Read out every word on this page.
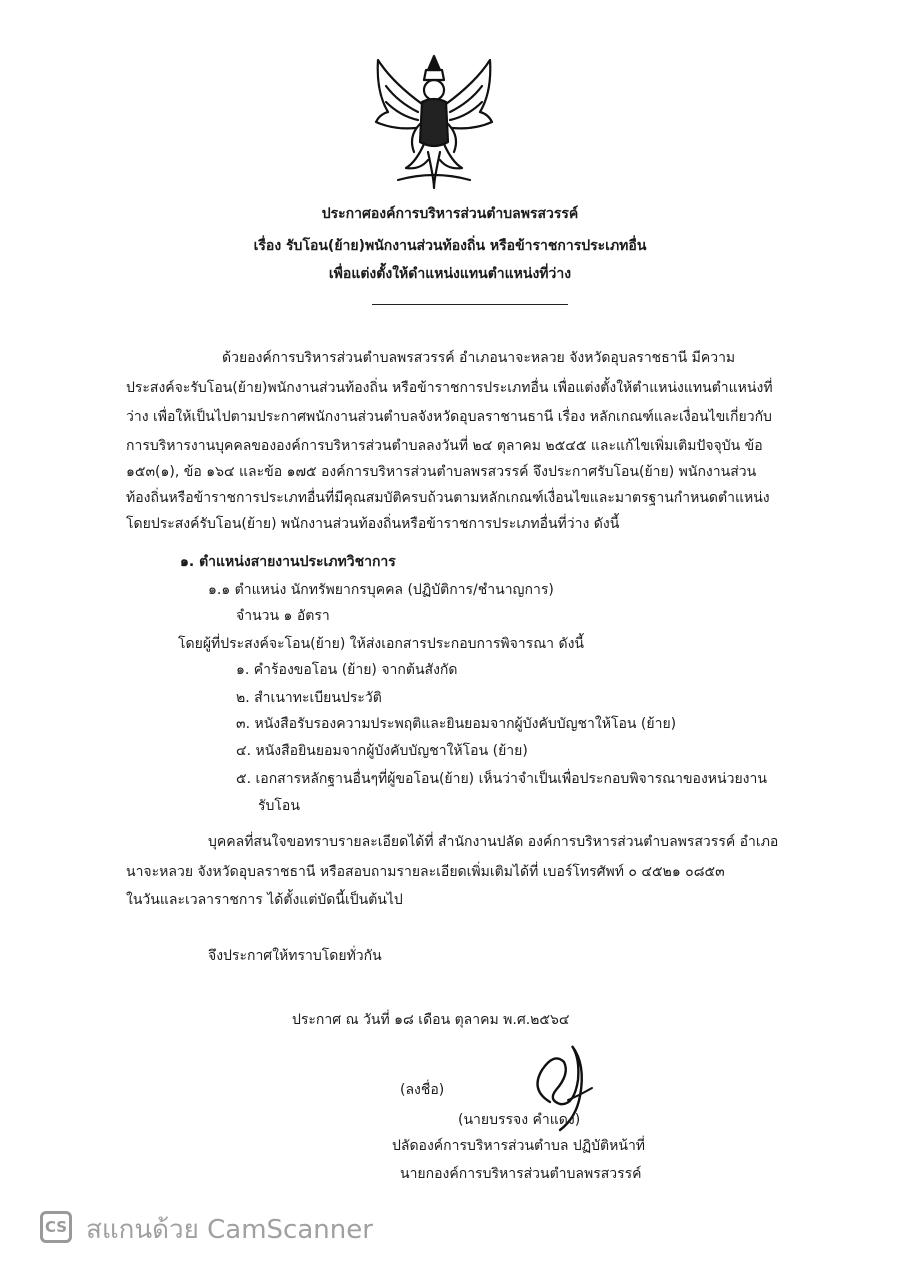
ประกาศองค์การบริหารส่วนตำบลพรสวรรค์
เรื่อง รับโอน(ย้าย)พนักงานส่วนท้องถิ่น หรือข้าราชการประเภทอื่น
เพื่อแต่งตั้งให้ดำแหน่งแทนตำแหน่งที่ว่าง
ด้วยองค์การบริหารส่วนตำบลพรสวรรค์ อำเภอนาจะหลวย จังหวัดอุบลราชธานี มีความ
ประสงค์จะรับโอน(ย้าย)พนักงานส่วนท้องถิ่น หรือข้าราชการประเภทอื่น เพื่อแต่งตั้งให้ตำแหน่งแทนตำแหน่งที่
ว่าง เพื่อให้เป็นไปตามประกาศพนักงานส่วนตำบลจังหวัดอุบลราชานธานี เรื่อง หลักเกณฑ์และเงื่อนไขเกี่ยวกับ
การบริหารงานบุคคลขององค์การบริหารส่วนตำบลลงวันที่ ๒๔ ตุลาคม ๒๕๔๕ และแก้ไขเพิ่มเติมปัจจุบัน ข้อ
๑๕๓(๑), ข้อ ๑๖๔ และข้อ ๑๗๕ องค์การบริหารส่วนตำบลพรสวรรค์ จึงประกาศรับโอน(ย้าย) พนักงานส่วน
ท้องถิ่นหรือข้าราชการประเภทอื่นที่มีคุณสมบัติครบถ้วนตามหลักเกณฑ์เงื่อนไขและมาตรฐานกำหนดตำแหน่ง
โดยประสงค์รับโอน(ย้าย) พนักงานส่วนท้องถิ่นหรือข้าราชการประเภทอื่นที่ว่าง ดังนี้
๑. ตำแหน่งสายงานประเภทวิชาการ
๑.๑ ตำแหน่ง นักทรัพยากรบุคคล (ปฏิบัติการ/ชำนาญการ)
จำนวน ๑ อัตรา
โดยผู้ที่ประสงค์จะโอน(ย้าย) ให้ส่งเอกสารประกอบการพิจารณา ดังนี้
๑. คำร้องขอโอน (ย้าย) จากต้นสังกัด
๒. สำเนาทะเบียนประวัติ
๓. หนังสือรับรองความประพฤติและยินยอมจากผู้บังคับบัญชาให้โอน (ย้าย)
๔. หนังสือยินยอมจากผู้บังคับบัญชาให้โอน (ย้าย)
๕. เอกสารหลักฐานอื่นๆที่ผู้ขอโอน(ย้าย) เห็นว่าจำเป็นเพื่อประกอบพิจารณาของหน่วยงาน
รับโอน
บุคคลที่สนใจขอทราบรายละเอียดได้ที่ สำนักงานปลัด องค์การบริหารส่วนตำบลพรสวรรค์ อำเภอ
นาจะหลวย จังหวัดอุบลราชธานี หรือสอบถามรายละเอียดเพิ่มเติมได้ที่ เบอร์โทรศัพท์ ๐ ๔๕๒๑ ๐๘๕๓
ในวันและเวลาราชการ ได้ตั้งแต่บัดนี้เป็นต้นไป
จึงประกาศให้ทราบโดยทั่วกัน
ประกาศ ณ วันที่ ๑๘ เดือน ตุลาคม พ.ศ.๒๕๖๔
(ลงชื่อ)
(นายบรรจง คำแดง)
ปลัดองค์การบริหารส่วนตำบล ปฏิบัติหน้าที่
นายกองค์การบริหารส่วนตำบลพรสวรรค์
CS สแกนด้วย CamScanner
